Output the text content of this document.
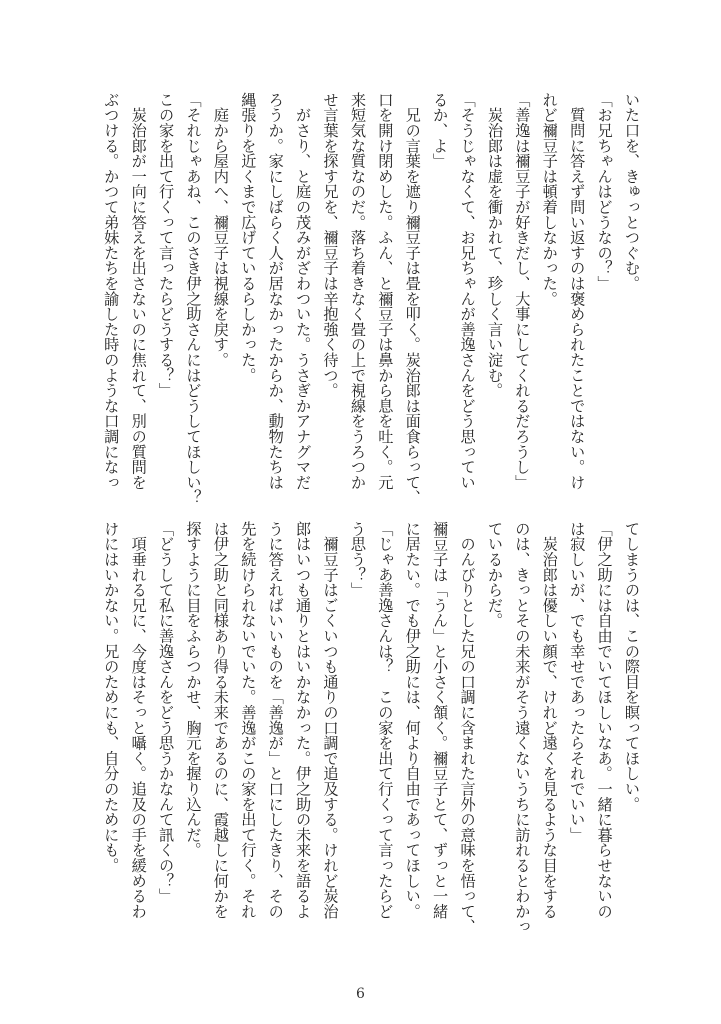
いた口を、きゅっとつぐむ。
「お兄ちゃんはどうなの？」
　質問に答えず問い返すのは褒められたことではない。け
れど禰豆子は頓着しなかった。
「善逸は禰豆子が好きだし、大事にしてくれるだろうし」
　炭治郎は虚を衝かれて、珍しく言い淀む。
「そうじゃなくて、お兄ちゃんが善逸さんをどう思ってい
るか、よ」
　兄の言葉を遮り禰豆子は畳を叩く。炭治郎は面食らって、
口を開け閉めした。ふん、と禰豆子は鼻から息を吐く。元
来短気な質なのだ。落ち着きなく畳の上で視線をうろつか
せ言葉を探す兄を、禰豆子は辛抱強く待つ。
　がさり、と庭の茂みがざわついた。うさぎかアナグマだ
ろうか。家にしばらく人が居なかったからか、動物たちは
縄張りを近くまで広げているらしかった。
　庭から屋内へ、禰豆子は視線を戻す。
「それじゃあね、このさき伊之助さんにはどうしてほしい？
この家を出て行くって言ったらどうする？」
　炭治郎が一向に答えを出さないのに焦れて、別の質問を
ぶつける。かつて弟妹たちを諭した時のような口調になっ
てしまうのは、この際目を瞑ってほしい。
「伊之助には自由でいてほしいなあ。一緒に暮らせないの
は寂しいが、でも幸せであったらそれでいい」
　炭治郎は優しい顔で、けれど遠くを見るような目をする
のは、きっとその未来がそう遠くないうちに訪れるとわかっ
ているからだ。
　のんびりとした兄の口調に含まれた言外の意味を悟って、
禰豆子は「うん」と小さく頷く。禰豆子とて、ずっと一緒
に居たい。でも伊之助には、何より自由であってほしい。
「じゃあ善逸さんは？　この家を出て行くって言ったらど
う思う？」
　禰豆子はごくいつも通りの口調で追及する。けれど炭治
郎はいつも通りとはいかなかった。伊之助の未来を語るよ
うに答えればいいものを「善逸が」と口にしたきり、その
先を続けられないでいた。善逸がこの家を出て行く。それ
は伊之助と同様あり得る未来であるのに、霞越しに何かを
探すように目をふらつかせ、胸元を握り込んだ。
「どうして私に善逸さんをどう思うかなんて訊くの？」
　項垂れる兄に、今度はそっと囁く。追及の手を緩めるわ
けにはいかない。兄のためにも、自分のためにも。
6
